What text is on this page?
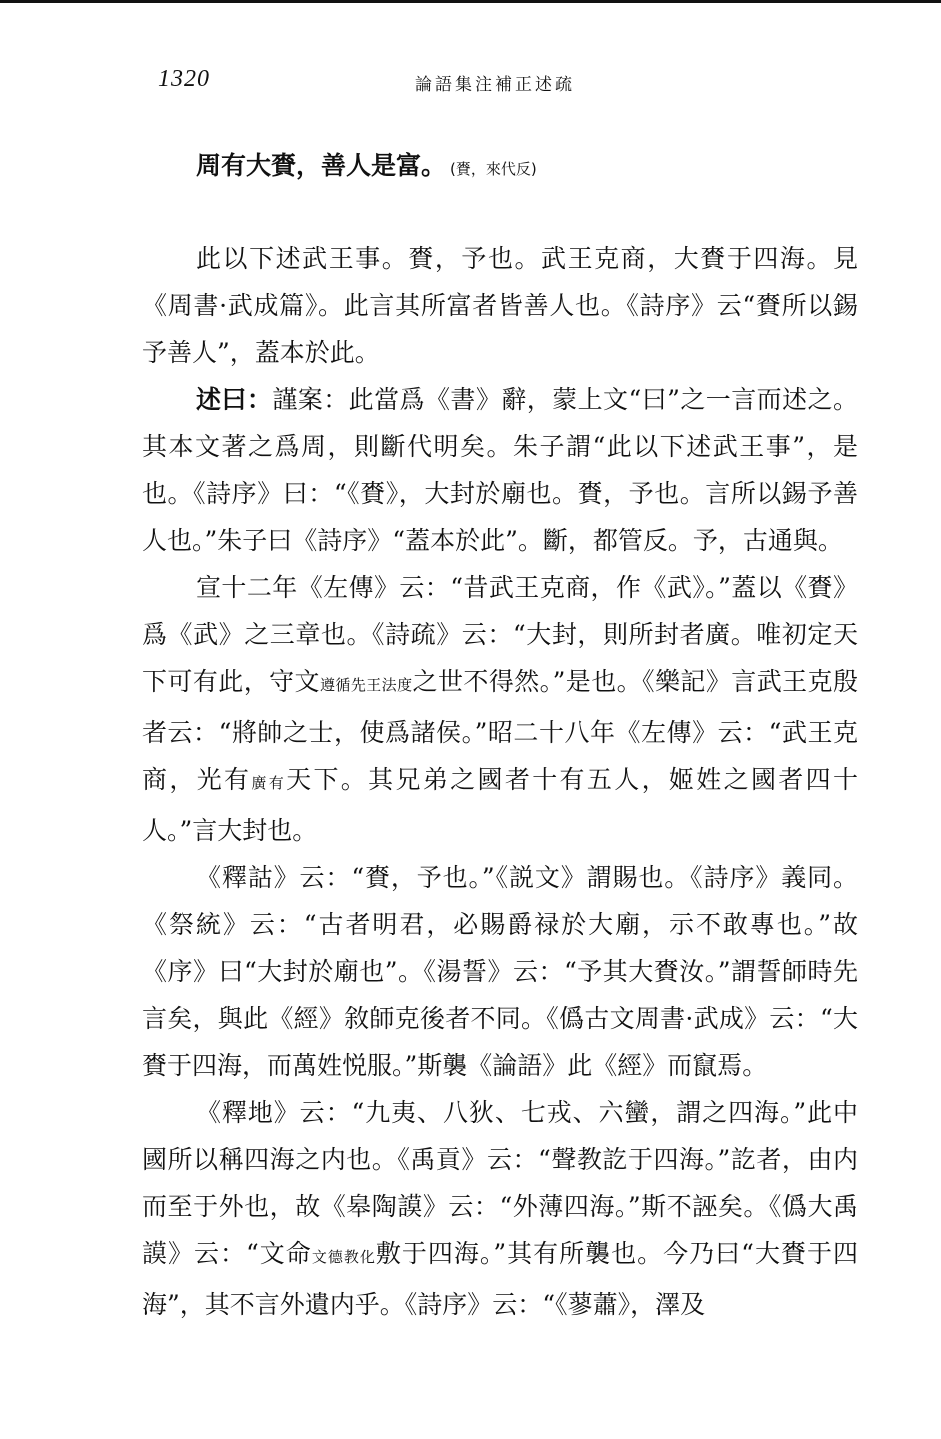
1320	論語集注補正述疏

周有大賚，善人是富。 (賚，來代反)

此以下述武王事。賚，予也。武王克商，大賚于四海。見《周書·武成篇》。此言其所富者皆善人也。《詩序》云“賚所以錫予善人”，蓋本於此。

述曰：謹案：此當爲《書》辭，蒙上文“曰”之一言而述之。其本文著之爲周，則斷代明矣。朱子謂“此以下述武王事”，是也。《詩序》曰：“《賚》，大封於廟也。賚，予也。言所以錫予善人也。”朱子曰《詩序》“蓋本於此”。斷，都管反。予，古通與。

宣十二年《左傳》云：“昔武王克商，作《武》。”蓋以《賚》爲《武》之三章也。《詩疏》云：“大封，則所封者廣。唯初定天下可有此，守文遵循先王法度之世不得然。”是也。《樂記》言武王克殷者云：“將帥之士，使爲諸侯。”昭二十八年《左傳》云：“武王克商，光有廣有天下。其兄弟之國者十有五人，姬姓之國者四十人。”言大封也。

《釋詁》云：“賚，予也。”《説文》謂賜也。《詩序》義同。《祭統》云：“古者明君，必賜爵禄於大廟，示不敢專也。”故《序》曰“大封於廟也”。《湯誓》云：“予其大賚汝。”謂誓師時先言矣，與此《經》敘師克後者不同。《僞古文周書·武成》云：“大賚于四海，而萬姓悦服。”斯襲《論語》此《經》而竄焉。

《釋地》云：“九夷、八狄、七戎、六蠻，謂之四海。”此中國所以稱四海之内也。《禹貢》云：“聲教訖于四海。”訖者，由内而至于外也，故《皋陶謨》云：“外薄四海。”斯不誣矣。《僞大禹謨》云：“文命文德教化敷于四海。”其有所襲也。今乃曰“大賚于四海”，其不言外遺内乎。《詩序》云：“《蓼蕭》，澤及
